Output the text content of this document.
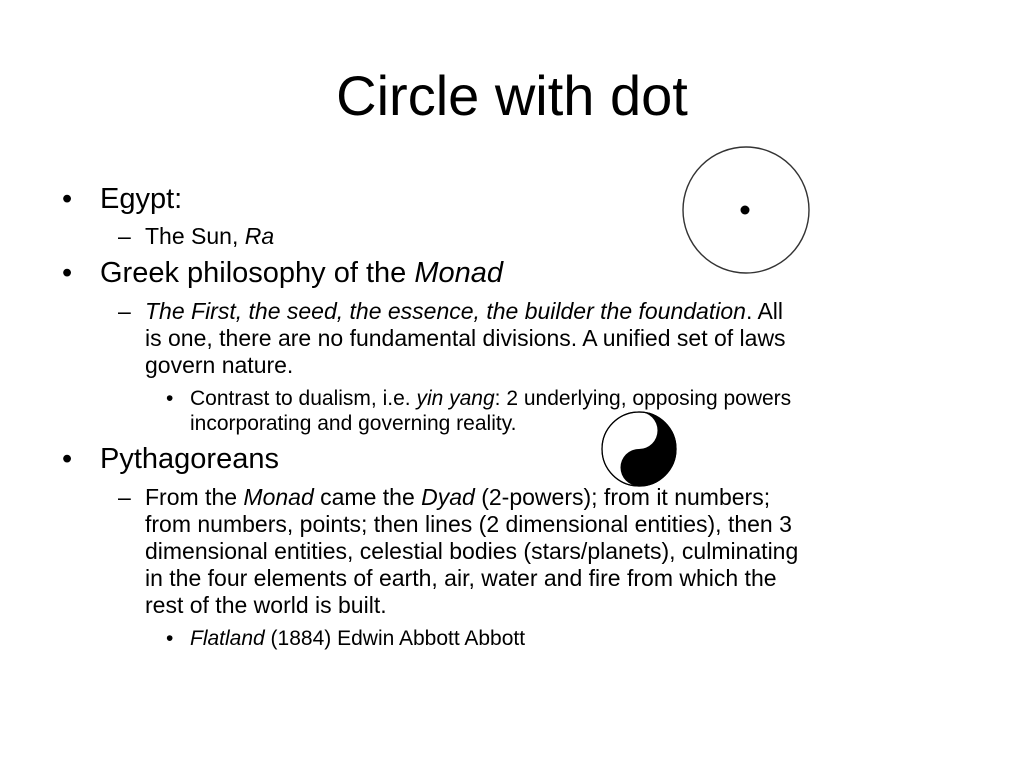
Circle with dot
• Egypt:
– The Sun, Ra
• Greek philosophy of the Monad
– The First, the seed, the essence, the builder the foundation. All
is one, there are no fundamental divisions. A unified set of laws
govern nature.
• Contrast to dualism, i.e. yin yang: 2 underlying, opposing powers
incorporating and governing reality.
• Pythagoreans
– From the Monad came the Dyad (2-powers); from it numbers;
from numbers, points; then lines (2 dimensional entities), then 3
dimensional entities, celestial bodies (stars/planets), culminating
in the four elements of earth, air, water and fire from which the
rest of the world is built.
• Flatland (1884) Edwin Abbott Abbott
